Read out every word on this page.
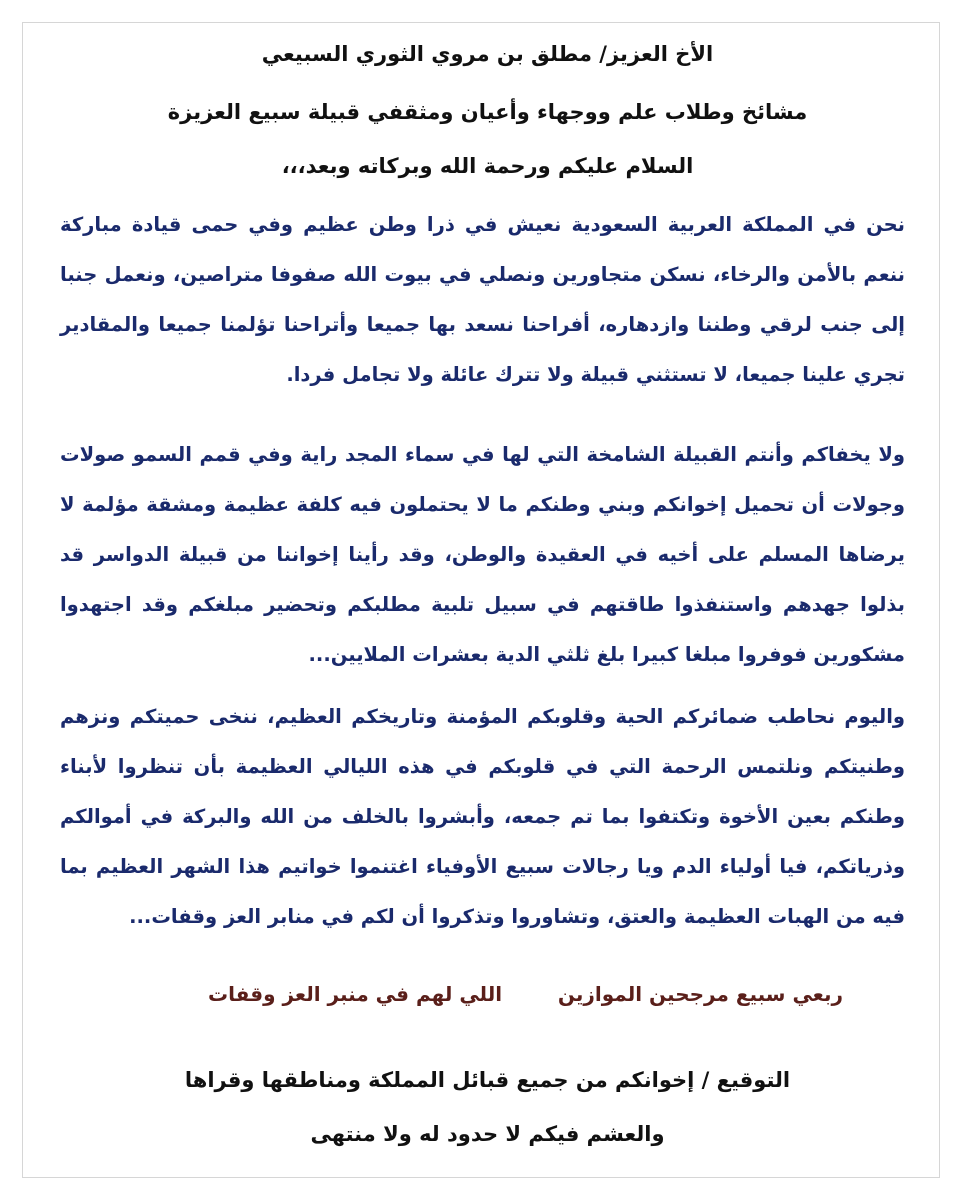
الأخ العزيز/ مطلق بن مروي الثوري السبيعي
مشائخ وطلاب علم ووجهاء وأعيان ومثقفي قبيلة سبيع العزيزة
السلام عليكم ورحمة الله وبركاته وبعد،،،

نحن في المملكة العربية السعودية نعيش في ذرا وطن عظيم وفي حمى قيادة مباركة ننعم بالأمن والرخاء، نسكن متجاورين ونصلي في بيوت الله صفوفا متراصين، ونعمل جنبا إلى جنب لرقي وطننا وازدهاره، أفراحنا نسعد بها جميعا وأتراحنا تؤلمنا جميعا والمقادير تجري علينا جميعا، لا تستثني قبيلة ولا تترك عائلة ولا تجامل فردا.

ولا يخفاكم وأنتم القبيلة الشامخة التي لها في سماء المجد راية وفي قمم السمو صولات وجولات أن تحميل إخوانكم وبني وطنكم ما لا يحتملون فيه كلفة عظيمة ومشقة مؤلمة لا يرضاها المسلم على أخيه في العقيدة والوطن، وقد رأينا إخواننا من قبيلة الدواسر قد بذلوا جهدهم واستنفذوا طاقتهم في سبيل تلبية مطلبكم وتحضير مبلغكم وقد اجتهدوا مشكورين فوفروا مبلغا كبيرا بلغ ثلثي الدية بعشرات الملايين...

واليوم نحاطب ضمائركم الحية وقلوبكم المؤمنة وتاريخكم العظيم، ننخى حميتكم ونزهم وطنيتكم ونلتمس الرحمة التي في قلوبكم في هذه الليالي العظيمة بأن تنظروا لأبناء وطنكم بعين الأخوة وتكتفوا بما تم جمعه، وأبشروا بالخلف من الله والبركة في أموالكم وذرياتكم، فيا أولياء الدم ويا رجالات سبيع الأوفياء اغتنموا خواتيم هذا الشهر العظيم بما فيه من الهبات العظيمة والعتق، وتشاوروا وتذكروا أن لكم في منابر العز وقفات...

ربعي سبيع مرجحين الموازين
اللي لهم في منبر العز وقفات
التوقيع / إخوانكم من جميع قبائل المملكة ومناطقها وقراها
والعشم فيكم لا حدود له ولا منتهى
